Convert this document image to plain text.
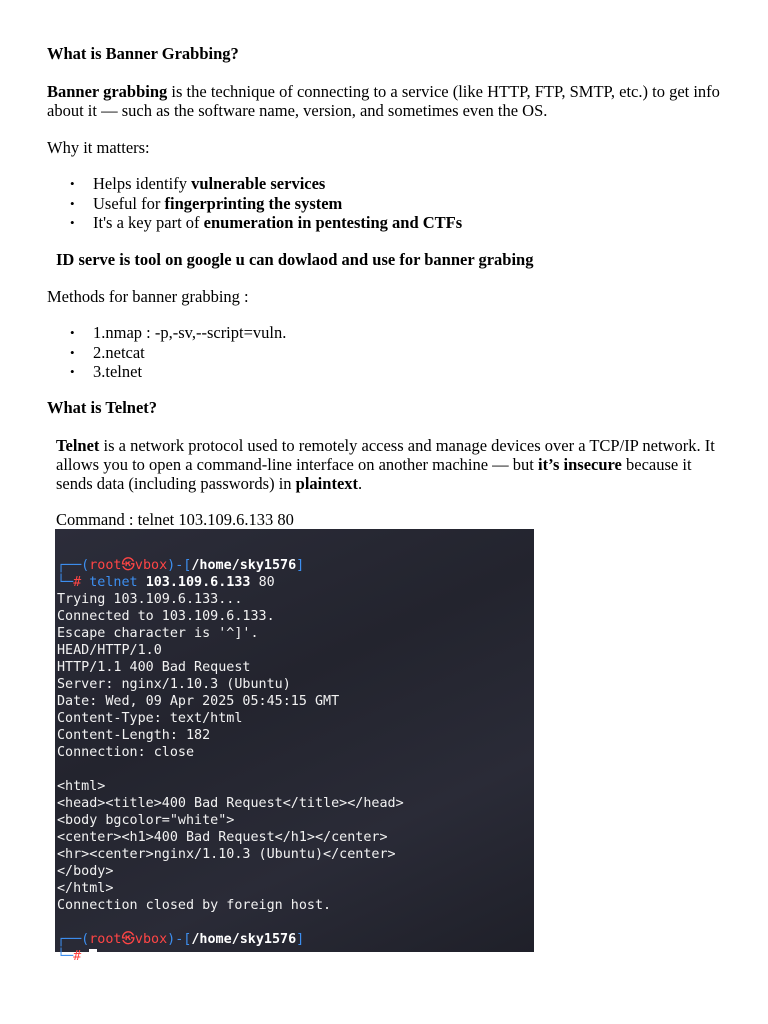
What is Banner Grabbing?

Banner grabbing is the technique of connecting to a service (like HTTP, FTP, SMTP, etc.) to get info about it — such as the software name, version, and sometimes even the OS.

Why it matters:

• Helps identify vulnerable services
• Useful for fingerprinting the system
• It's a key part of enumeration in pentesting and CTFs
ID serve is tool on google u can dowlaod and use for banner grabing

Methods for banner grabbing :

• 1.nmap : -p,-sv,--script=vuln.
• 2.netcat
• 3.telnet
What is Telnet?

Telnet is a network protocol used to remotely access and manage devices over a TCP/IP network. It allows you to open a command-line interface on another machine — but it’s insecure because it sends data (including passwords) in plaintext.

Command : telnet 103.109.6.133 80

┌──(root㉿vbox)-[/home/sky1576]
└─# telnet 103.109.6.133 80
Trying 103.109.6.133...
Connected to 103.109.6.133.
Escape character is '^]'.
HEAD/HTTP/1.0
HTTP/1.1 400 Bad Request
Server: nginx/1.10.3 (Ubuntu)
Date: Wed, 09 Apr 2025 05:45:15 GMT
Content-Type: text/html
Content-Length: 182
Connection: close
<html>
<head><title>400 Bad Request</title></head>
<body bgcolor="white">
<center><h1>400 Bad Request</h1></center>
<hr><center>nginx/1.10.3 (Ubuntu)</center>
</body>
</html>
Connection closed by foreign host.
┌──(root㉿vbox)-[/home/sky1576]
└─#
